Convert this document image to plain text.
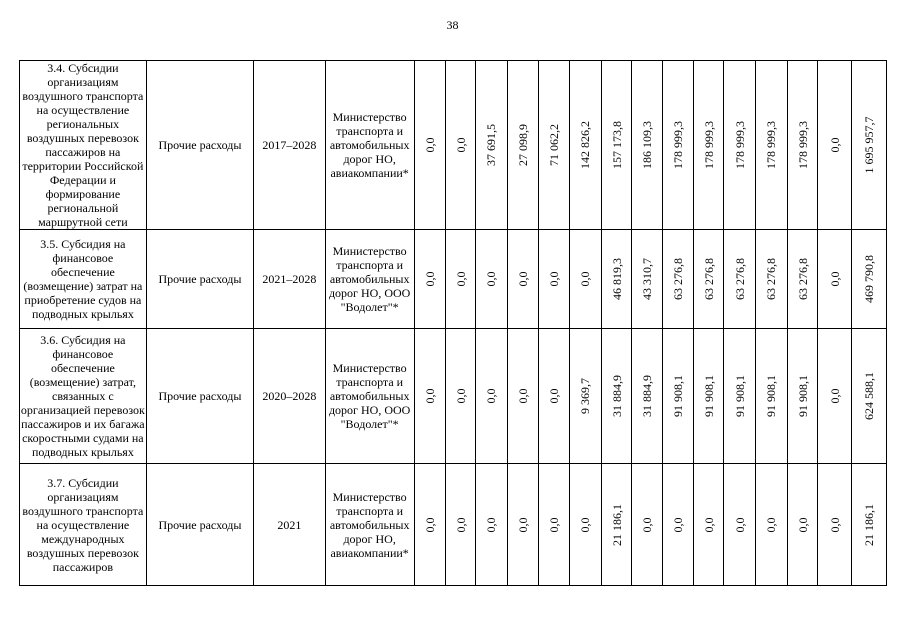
38
3.4. Субсидии организациям воздушного транспорта на осуществление региональных воздушных перевозок пассажиров на территории Российской Федерации и формирование региональной маршрутной сети	Прочие расходы	2017–2028	Министерство транспорта и автомобильных дорог НО, авиакомпании*	0,0	0,0	37 691,5	27 098,9	71 062,2	142 826,2	157 173,8	186 109,3	178 999,3	178 999,3	178 999,3	178 999,3	178 999,3	0,0	1 695 957,7

3.5. Субсидия на финансовое обеспечение (возмещение) затрат на приобретение судов на подводных крыльях	Прочие расходы	2021–2028	Министерство транспорта и автомобильных дорог НО, ООО "Водолет"*	0,0	0,0	0,0	0,0	0,0	0,0	46 819,3	43 310,7	63 276,8	63 276,8	63 276,8	63 276,8	63 276,8	0,0	469 790,8

3.6. Субсидия на финансовое обеспечение (возмещение) затрат, связанных с организацией перевозок пассажиров и их багажа скоростными судами на подводных крыльях	Прочие расходы	2020–2028	Министерство транспорта и автомобильных дорог НО, ООО "Водолет"*	0,0	0,0	0,0	0,0	0,0	9 369,7	31 884,9	31 884,9	91 908,1	91 908,1	91 908,1	91 908,1	91 908,1	0,0	624 588,1

3.7. Субсидии организациям воздушного транспорта на осуществление международных воздушных перевозок пассажиров	Прочие расходы	2021	Министерство транспорта и автомобильных дорог НО, авиакомпании*	0,0	0,0	0,0	0,0	0,0	0,0	21 186,1	0,0	0,0	0,0	0,0	0,0	0,0	0,0	21 186,1
